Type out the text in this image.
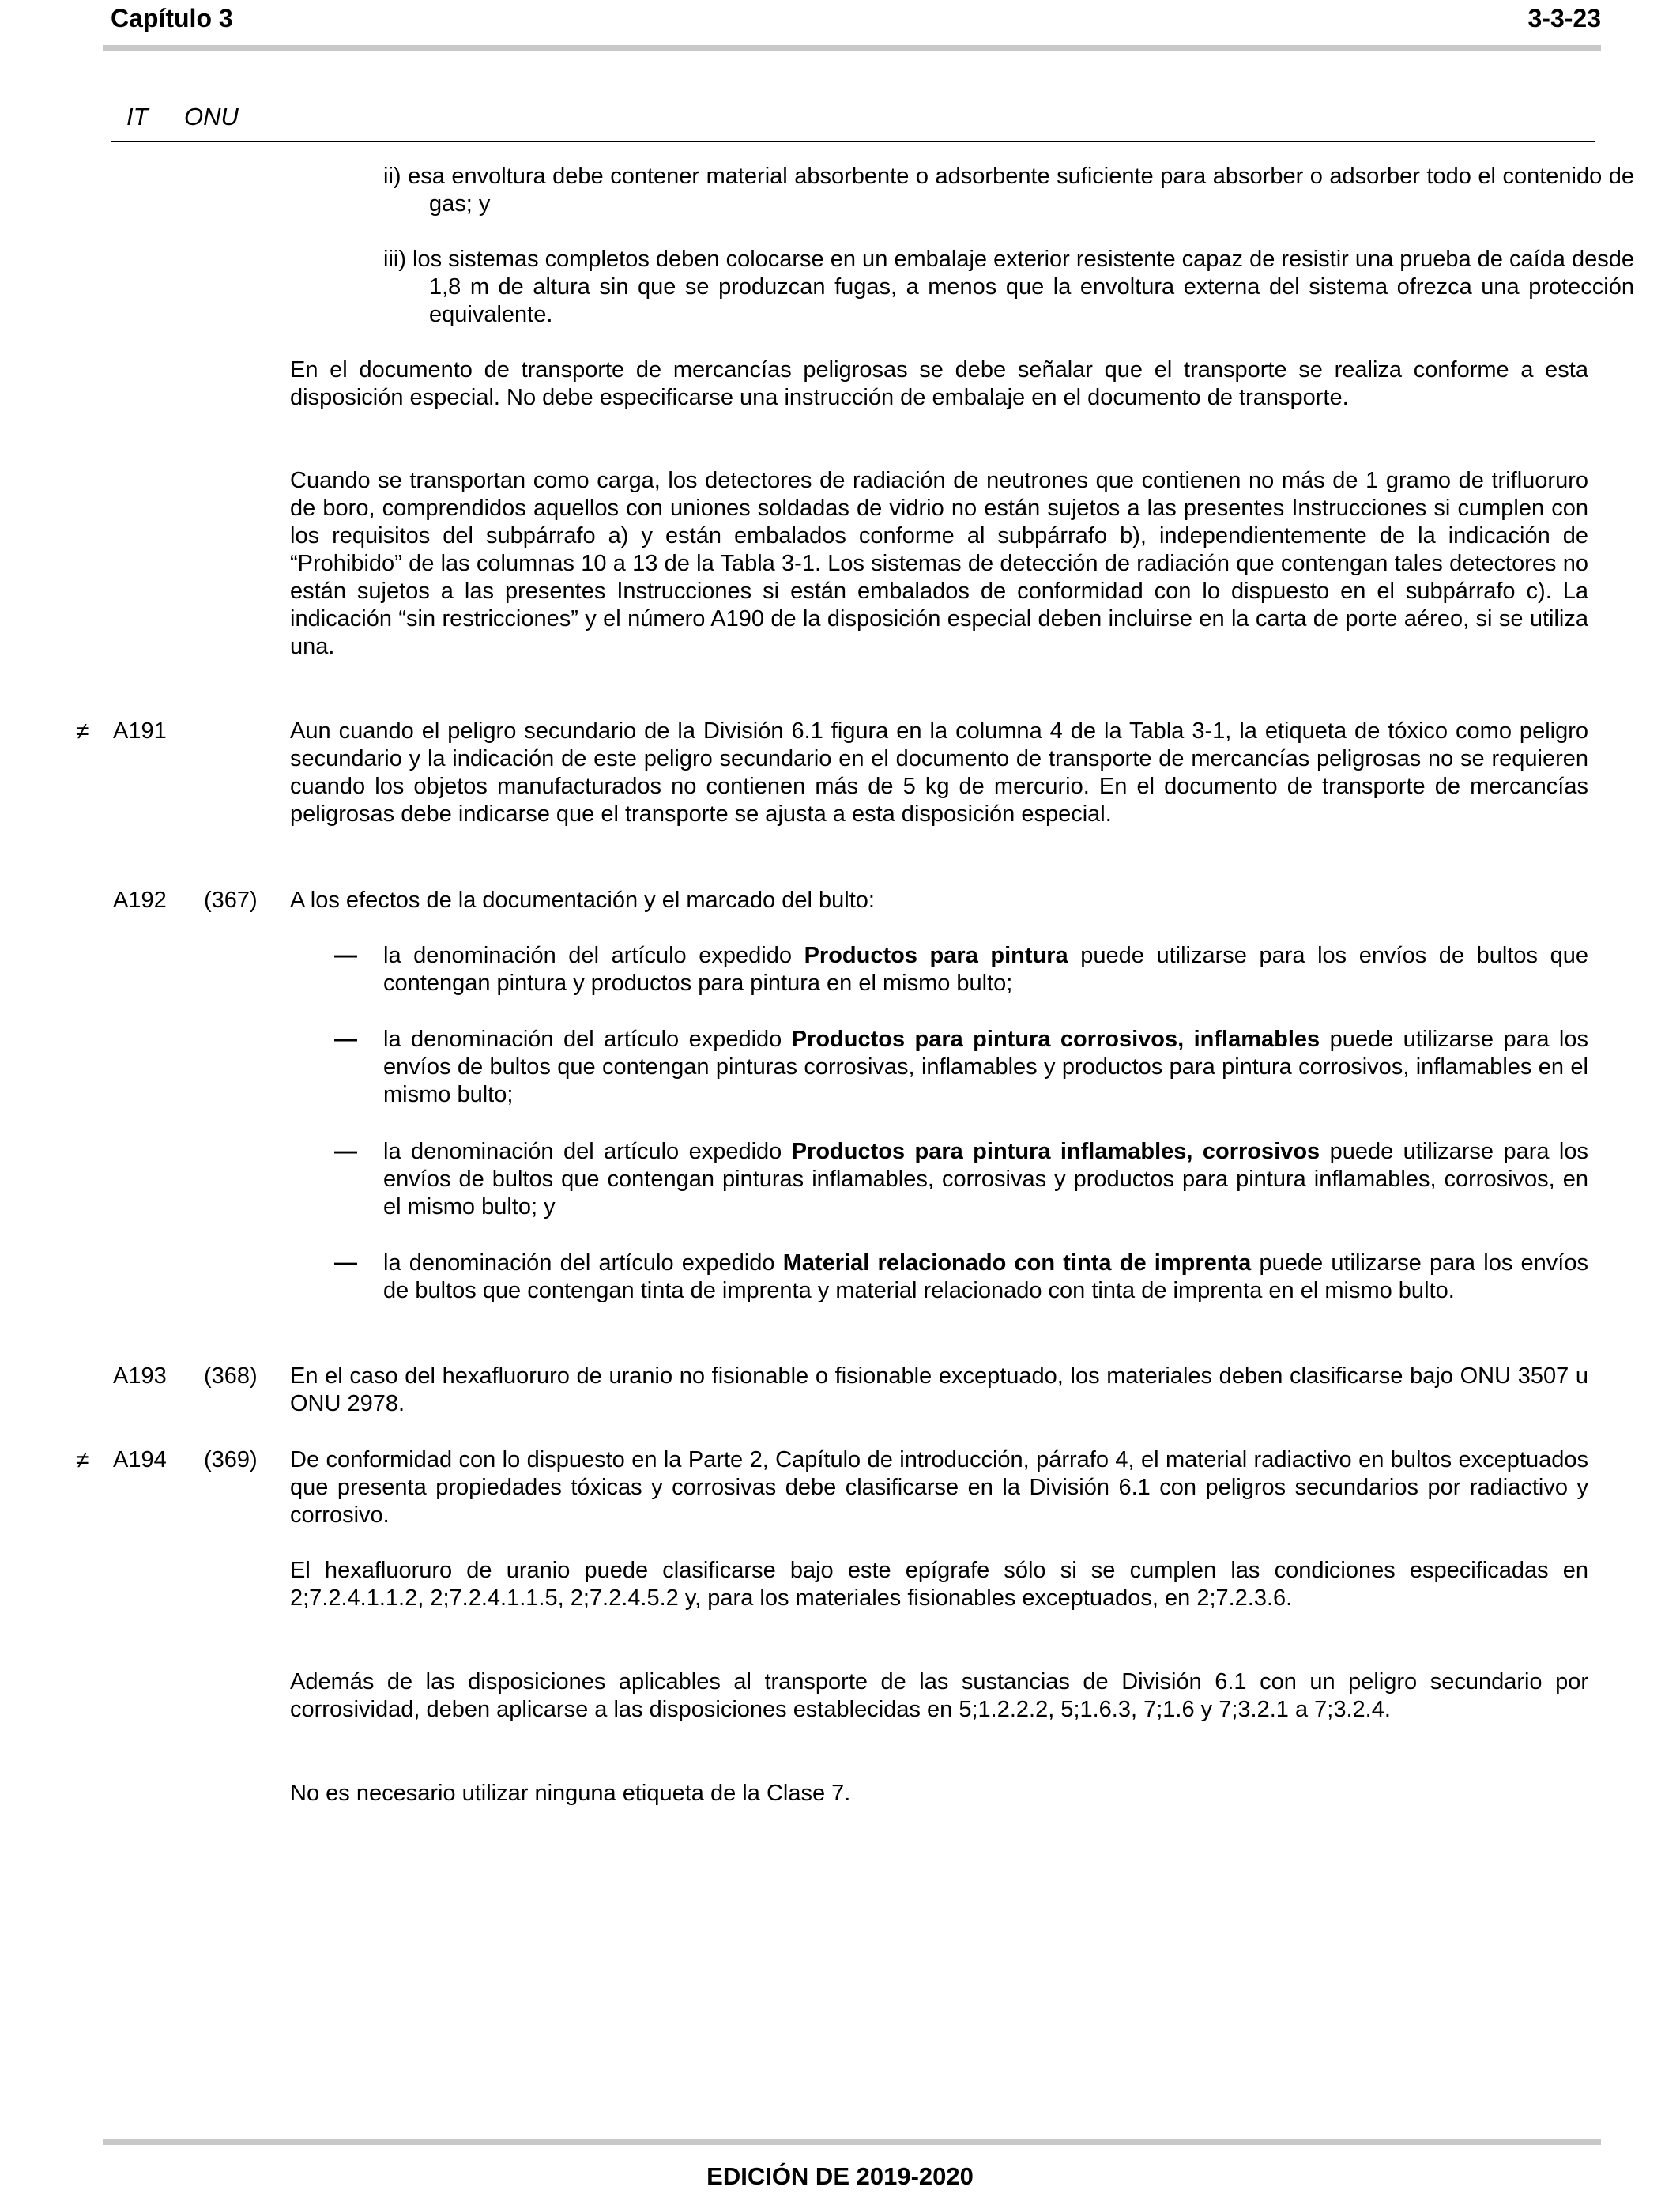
Capítulo 3	3-3-23
IT ONU
ii) esa envoltura debe contener material absorbente o adsorbente suficiente para absorber o adsorber todo el contenido de gas; y
iii) los sistemas completos deben colocarse en un embalaje exterior resistente capaz de resistir una prueba de caída desde 1,8 m de altura sin que se produzcan fugas, a menos que la envoltura externa del sistema ofrezca una protección equivalente.

En el documento de transporte de mercancías peligrosas se debe señalar que el transporte se realiza conforme a esta disposición especial. No debe especificarse una instrucción de embalaje en el documento de transporte.

Cuando se transportan como carga, los detectores de radiación de neutrones que contienen no más de 1 gramo de trifluoruro de boro, comprendidos aquellos con uniones soldadas de vidrio no están sujetos a las presentes Instrucciones si cumplen con los requisitos del subpárrafo a) y están embalados conforme al subpárrafo b), independientemente de la indicación de “Prohibido” de las columnas 10 a 13 de la Tabla 3-1. Los sistemas de detección de radiación que contengan tales detectores no están sujetos a las presentes Instrucciones si están embalados de conformidad con lo dispuesto en el subpárrafo c). La indicación “sin restricciones” y el número A190 de la disposición especial deben incluirse en la carta de porte aéreo, si se utiliza una.

≠ A191	Aun cuando el peligro secundario de la División 6.1 figura en la columna 4 de la Tabla 3-1, la etiqueta de tóxico como peligro secundario y la indicación de este peligro secundario en el documento de transporte de mercancías peligrosas no se requieren cuando los objetos manufacturados no contienen más de 5 kg de mercurio. En el documento de transporte de mercancías peligrosas debe indicarse que el transporte se ajusta a esta disposición especial.

A192 (367) A los efectos de la documentación y el marcado del bulto:

— la denominación del artículo expedido Productos para pintura puede utilizarse para los envíos de bultos que contengan pintura y productos para pintura en el mismo bulto;
— la denominación del artículo expedido Productos para pintura corrosivos, inflamables puede utilizarse para los envíos de bultos que contengan pinturas corrosivas, inflamables y productos para pintura corrosivos, inflamables en el mismo bulto;
— la denominación del artículo expedido Productos para pintura inflamables, corrosivos puede utilizarse para los envíos de bultos que contengan pinturas inflamables, corrosivas y productos para pintura inflamables, corrosivos, en el mismo bulto; y
— la denominación del artículo expedido Material relacionado con tinta de imprenta puede utilizarse para los envíos de bultos que contengan tinta de imprenta y material relacionado con tinta de imprenta en el mismo bulto.
A193 (368) En el caso del hexafluoruro de uranio no fisionable o fisionable exceptuado, los materiales deben clasificarse bajo ONU 3507 u ONU 2978.

≠ A194 (369) De conformidad con lo dispuesto en la Parte 2, Capítulo de introducción, párrafo 4, el material radiactivo en bultos exceptuados que presenta propiedades tóxicas y corrosivas debe clasificarse en la División 6.1 con peligros secundarios por radiactivo y corrosivo.

El hexafluoruro de uranio puede clasificarse bajo este epígrafe sólo si se cumplen las condiciones especificadas en 2;7.2.4.1.1.2, 2;7.2.4.1.1.5, 2;7.2.4.5.2 y, para los materiales fisionables exceptuados, en 2;7.2.3.6.

Además de las disposiciones aplicables al transporte de las sustancias de División 6.1 con un peligro secundario por corrosividad, deben aplicarse a las disposiciones establecidas en 5;1.2.2.2, 5;1.6.3, 7;1.6 y 7;3.2.1 a 7;3.2.4.

No es necesario utilizar ninguna etiqueta de la Clase 7.

EDICIÓN DE 2019-2020
